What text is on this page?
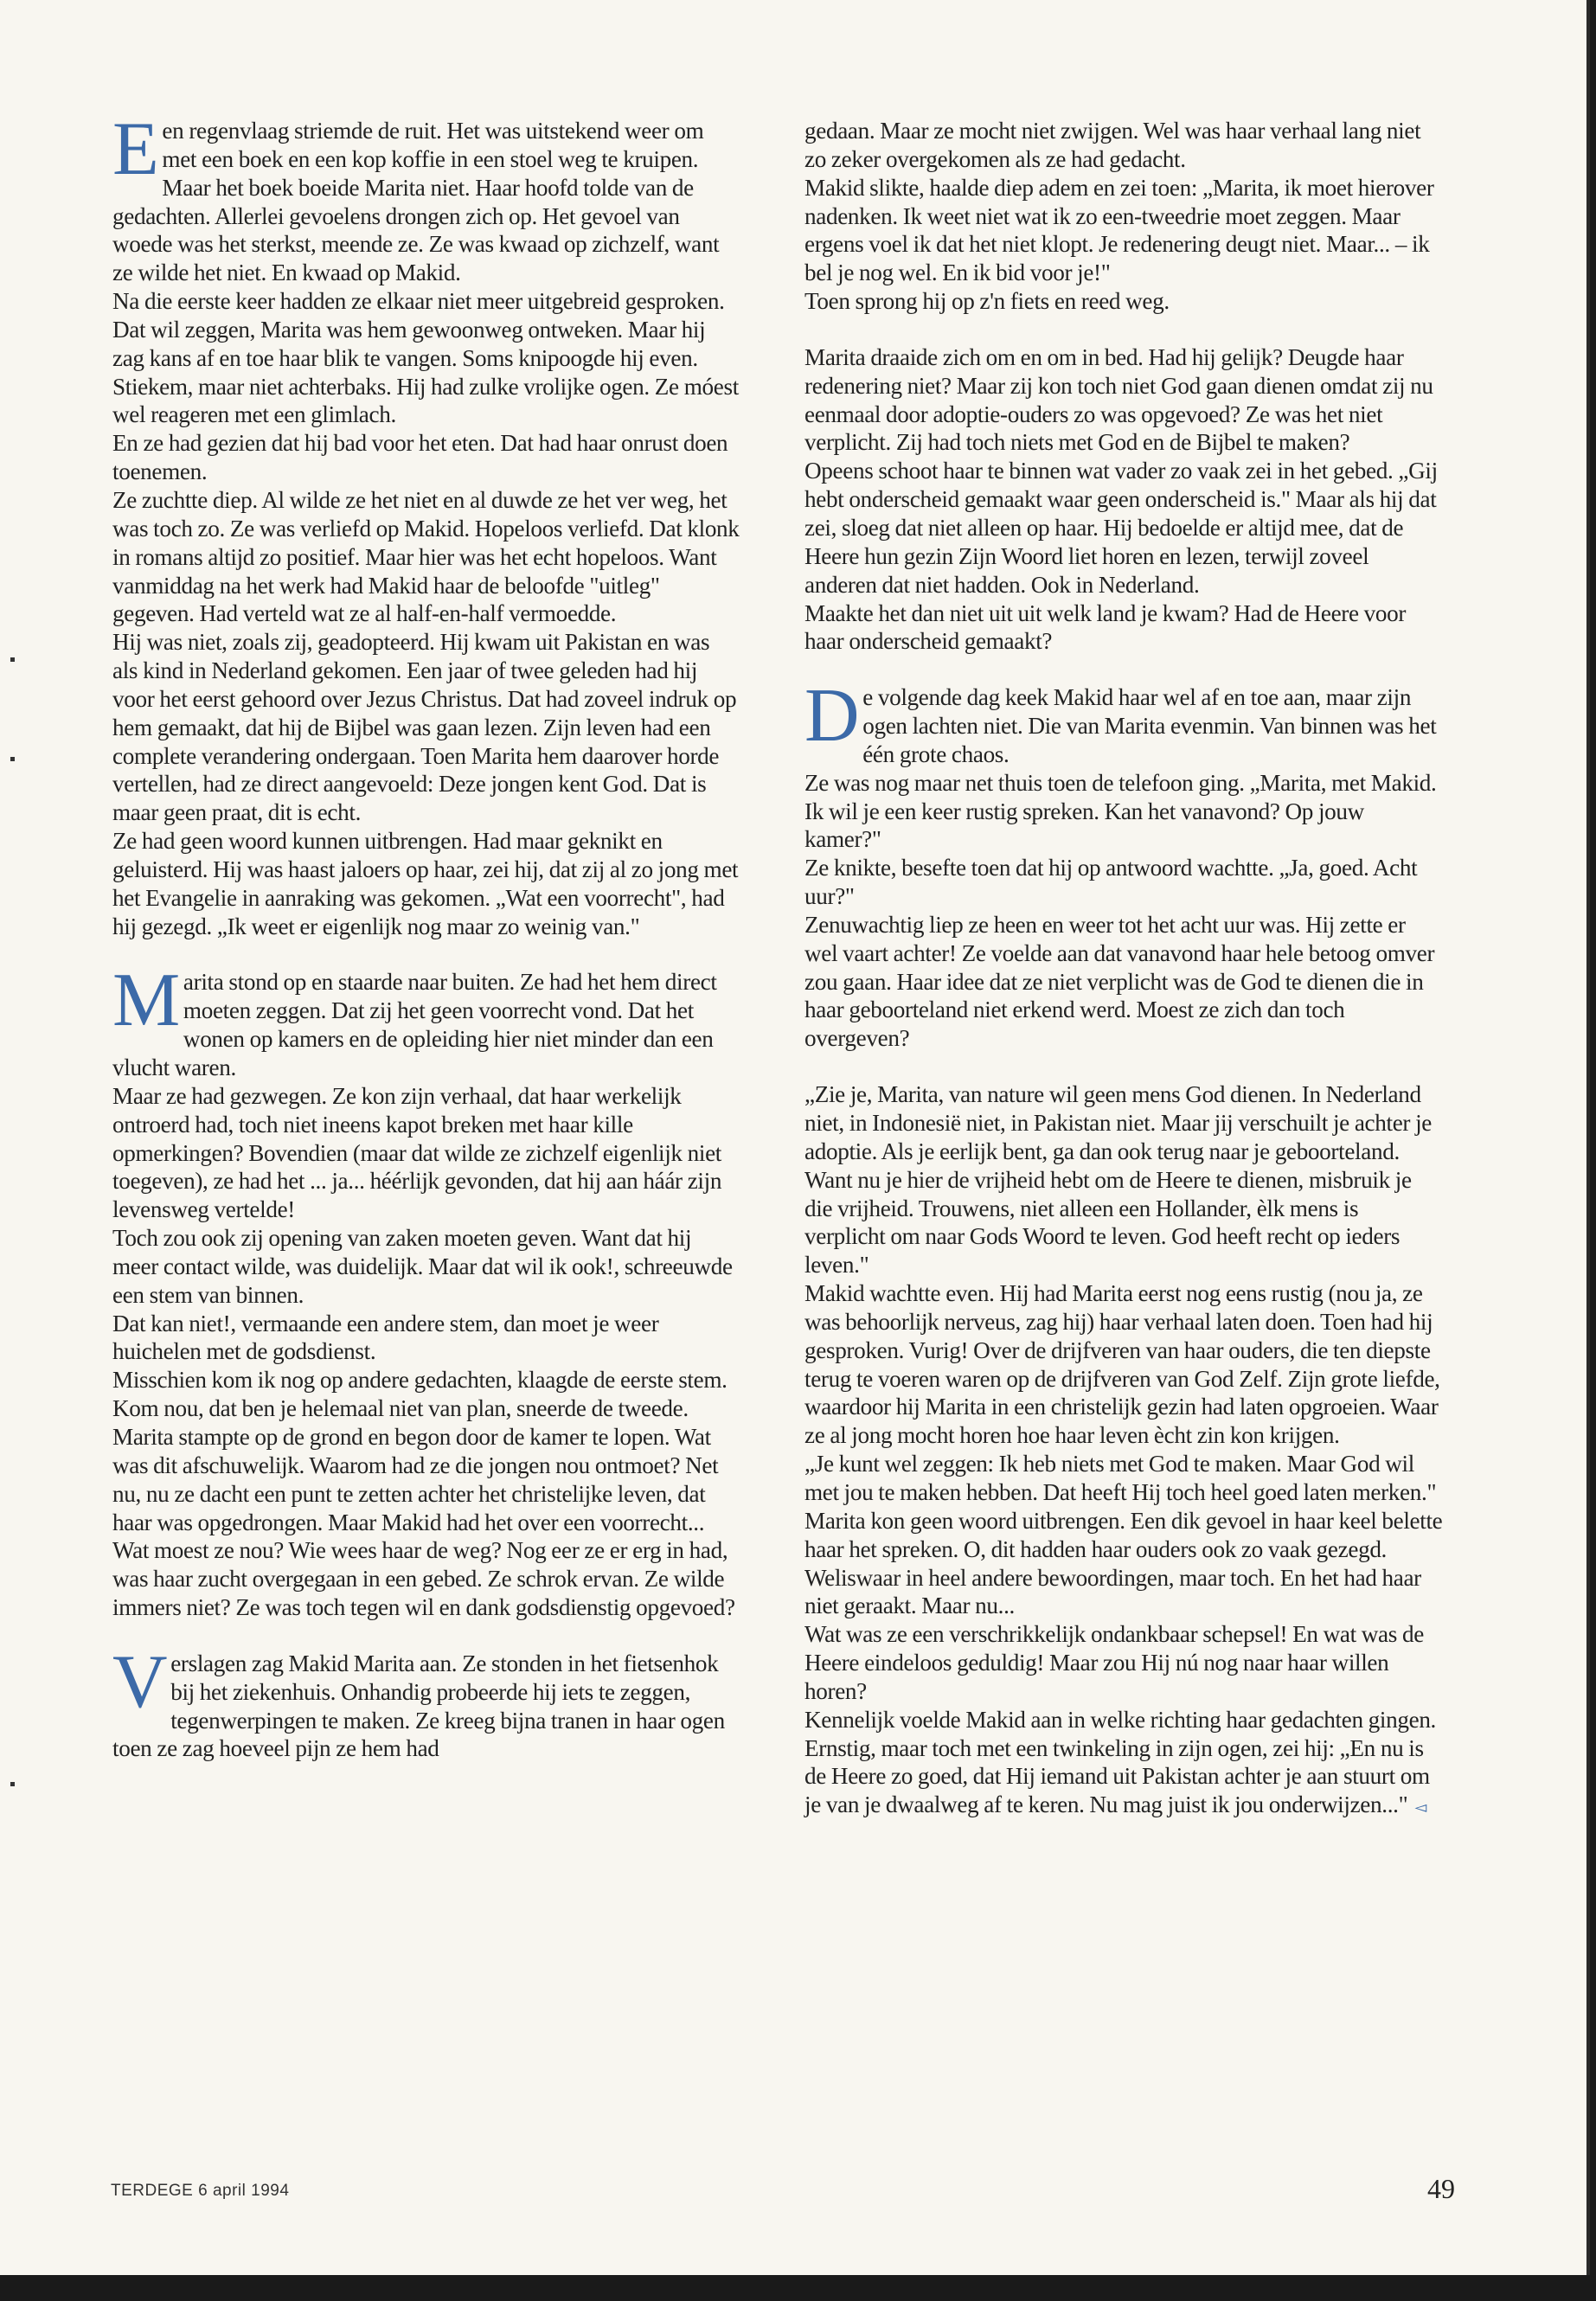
Een regenvlaag striemde de ruit. Het was uitstekend weer om met een boek en een kop koffie in een stoel weg te kruipen. Maar het boek boeide Marita niet. Haar hoofd tolde van de gedachten. Allerlei gevoelens drongen zich op. Het gevoel van woede was het sterkst, meende ze. Ze was kwaad op zichzelf, want ze wilde het niet. En kwaad op Makid.

Na die eerste keer hadden ze elkaar niet meer uitgebreid gesproken. Dat wil zeggen, Marita was hem gewoonweg ontweken. Maar hij zag kans af en toe haar blik te vangen. Soms knipoogde hij even. Stiekem, maar niet achterbaks. Hij had zulke vrolijke ogen. Ze móest wel reageren met een glimlach.

En ze had gezien dat hij bad voor het eten. Dat had haar onrust doen toenemen.

Ze zuchtte diep. Al wilde ze het niet en al duwde ze het ver weg, het was toch zo. Ze was verliefd op Makid. Hopeloos verliefd. Dat klonk in romans altijd zo positief. Maar hier was het echt hopeloos. Want vanmiddag na het werk had Makid haar de beloofde "uitleg" gegeven. Had verteld wat ze al half-en-half vermoedde.

Hij was niet, zoals zij, geadopteerd. Hij kwam uit Pakistan en was als kind in Nederland gekomen. Een jaar of twee geleden had hij voor het eerst gehoord over Jezus Christus. Dat had zoveel indruk op hem gemaakt, dat hij de Bijbel was gaan lezen. Zijn leven had een complete verandering ondergaan. Toen Marita hem daarover horde vertellen, had ze direct aangevoeld: Deze jongen kent God. Dat is maar geen praat, dit is echt.

Ze had geen woord kunnen uitbrengen. Had maar geknikt en geluisterd. Hij was haast jaloers op haar, zei hij, dat zij al zo jong met het Evangelie in aanraking was gekomen. „Wat een voorrecht", had hij gezegd. „Ik weet er eigenlijk nog maar zo weinig van."

Marita stond op en staarde naar buiten. Ze had het hem direct moeten zeggen. Dat zij het geen voorrecht vond. Dat het wonen op kamers en de opleiding hier niet minder dan een vlucht waren.

Maar ze had gezwegen. Ze kon zijn verhaal, dat haar werkelijk ontroerd had, toch niet ineens kapot breken met haar kille opmerkingen? Bovendien (maar dat wilde ze zichzelf eigenlijk niet toegeven), ze had het ... ja... héérlijk gevonden, dat hij aan háár zijn levensweg vertelde!

Toch zou ook zij opening van zaken moeten geven. Want dat hij meer contact wilde, was duidelijk. Maar dat wil ik ook!, schreeuwde een stem van binnen.

Dat kan niet!, vermaande een andere stem, dan moet je weer huichelen met de godsdienst.

Misschien kom ik nog op andere gedachten, klaagde de eerste stem.

Kom nou, dat ben je helemaal niet van plan, sneerde de tweede.

Marita stampte op de grond en begon door de kamer te lopen. Wat was dit afschuwelijk. Waarom had ze die jongen nou ontmoet? Net nu, nu ze dacht een punt te zetten achter het christelijke leven, dat haar was opgedrongen. Maar Makid had het over een voorrecht...

Wat moest ze nou? Wie wees haar de weg? Nog eer ze er erg in had, was haar zucht overgegaan in een gebed. Ze schrok ervan. Ze wilde immers niet? Ze was toch tegen wil en dank godsdienstig opgevoed?

Verslagen zag Makid Marita aan. Ze stonden in het fietsenhok bij het ziekenhuis. Onhandig probeerde hij iets te zeggen, tegenwerpingen te maken. Ze kreeg bijna tranen in haar ogen toen ze zag hoeveel pijn ze hem had

gedaan. Maar ze mocht niet zwijgen. Wel was haar verhaal lang niet zo zeker overgekomen als ze had gedacht.

Makid slikte, haalde diep adem en zei toen: „Marita, ik moet hierover nadenken. Ik weet niet wat ik zo een-tweedrie moet zeggen. Maar ergens voel ik dat het niet klopt. Je redenering deugt niet. Maar... – ik bel je nog wel. En ik bid voor je!"

Toen sprong hij op z'n fiets en reed weg.

Marita draaide zich om en om in bed. Had hij gelijk? Deugde haar redenering niet? Maar zij kon toch niet God gaan dienen omdat zij nu eenmaal door adoptie-ouders zo was opgevoed? Ze was het niet verplicht. Zij had toch niets met God en de Bijbel te maken?

Opeens schoot haar te binnen wat vader zo vaak zei in het gebed. „Gij hebt onderscheid gemaakt waar geen onderscheid is." Maar als hij dat zei, sloeg dat niet alleen op haar. Hij bedoelde er altijd mee, dat de Heere hun gezin Zijn Woord liet horen en lezen, terwijl zoveel anderen dat niet hadden. Ook in Nederland.

Maakte het dan niet uit uit welk land je kwam? Had de Heere voor haar onderscheid gemaakt?

De volgende dag keek Makid haar wel af en toe aan, maar zijn ogen lachten niet. Die van Marita evenmin. Van binnen was het één grote chaos.

Ze was nog maar net thuis toen de telefoon ging. „Marita, met Makid. Ik wil je een keer rustig spreken. Kan het vanavond? Op jouw kamer?"

Ze knikte, besefte toen dat hij op antwoord wachtte. „Ja, goed. Acht uur?"

Zenuwachtig liep ze heen en weer tot het acht uur was. Hij zette er wel vaart achter! Ze voelde aan dat vanavond haar hele betoog omver zou gaan. Haar idee dat ze niet verplicht was de God te dienen die in haar geboorteland niet erkend werd. Moest ze zich dan toch overgeven?

„Zie je, Marita, van nature wil geen mens God dienen. In Nederland niet, in Indonesië niet, in Pakistan niet. Maar jij verschuilt je achter je adoptie. Als je eerlijk bent, ga dan ook terug naar je geboorteland. Want nu je hier de vrijheid hebt om de Heere te dienen, misbruik je die vrijheid. Trouwens, niet alleen een Hollander, èlk mens is verplicht om naar Gods Woord te leven. God heeft recht op ieders leven."

Makid wachtte even. Hij had Marita eerst nog eens rustig (nou ja, ze was behoorlijk nerveus, zag hij) haar verhaal laten doen. Toen had hij gesproken. Vurig! Over de drijfveren van haar ouders, die ten diepste terug te voeren waren op de drijfveren van God Zelf. Zijn grote liefde, waardoor hij Marita in een christelijk gezin had laten opgroeien. Waar ze al jong mocht horen hoe haar leven ècht zin kon krijgen.

„Je kunt wel zeggen: Ik heb niets met God te maken. Maar God wil met jou te maken hebben. Dat heeft Hij toch heel goed laten merken."

Marita kon geen woord uitbrengen. Een dik gevoel in haar keel belette haar het spreken. O, dit hadden haar ouders ook zo vaak gezegd. Weliswaar in heel andere bewoordingen, maar toch. En het had haar niet geraakt. Maar nu...

Wat was ze een verschrikkelijk ondankbaar schepsel! En wat was de Heere eindeloos geduldig! Maar zou Hij nú nog naar haar willen horen?

Kennelijk voelde Makid aan in welke richting haar gedachten gingen. Ernstig, maar toch met een twinkeling in zijn ogen, zei hij: „En nu is de Heere zo goed, dat Hij iemand uit Pakistan achter je aan stuurt om je van je dwaalweg af te keren. Nu mag juist ik jou onderwijzen..." ◅

TERDEGE 6 april 1994	49
